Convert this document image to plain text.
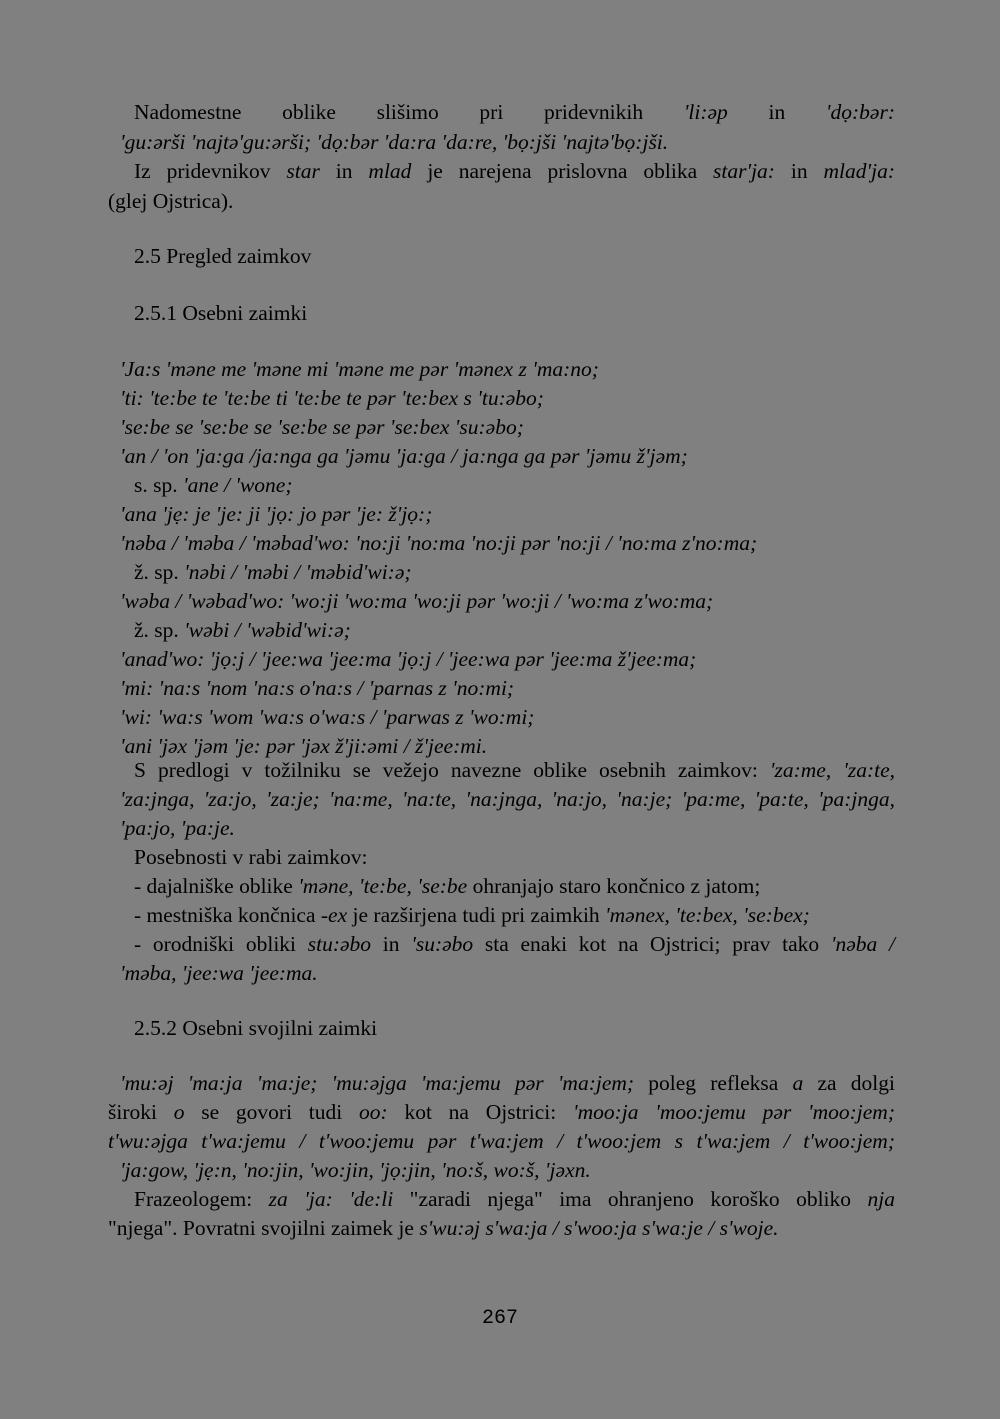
Nadomestne oblike slišimo pri pridevnikih 'li:əp in 'dọ:bər:

'gu:ərši 'najtə'gu:ərši; 'dọ:bər 'da:ra 'da:re, 'bọ:jši 'najtə'bọ:jši.

Iz pridevnikov star in mlad je narejena prislovna oblika star'ja: in mlad'ja:

(glej Ojstrica).

2.5 Pregled zaimkov
2.5.1 Osebni zaimki

'Ja:s 'məne me 'məne mi 'məne me pər 'mənex z 'ma:no;

'ti: 'te:be te 'te:be ti 'te:be te pər 'te:bex s 'tu:əbo;

'se:be se 'se:be se 'se:be se pər 'se:bex 'su:əbo;

'an / 'on 'ja:ga /ja:nga ga 'jəmu 'ja:ga / ja:nga ga pər 'jəmu ž'jəm;

s. sp. 'ane / 'wone;

'ana 'jẹ: je 'je: ji 'jọ: jo pər 'je: ž'jọ:;

'nəba / 'məba / 'məbad'wo: 'no:ji 'no:ma 'no:ji pər 'no:ji / 'no:ma z'no:ma;

ž. sp. 'nəbi / 'məbi / 'məbid'wi:ə;

'wəba / 'wəbad'wo: 'wo:ji 'wo:ma 'wo:ji pər 'wo:ji / 'wo:ma z'wo:ma;

ž. sp. 'wəbi / 'wəbid'wi:ə;

'anad'wo: 'jọ:j / 'jee:wa 'jee:ma 'jọ:j / 'jee:wa pər 'jee:ma ž'jee:ma;

'mi: 'na:s 'nom 'na:s o'na:s / 'parnas z 'no:mi;

'wi: 'wa:s 'wom 'wa:s o'wa:s / 'parwas z 'wo:mi;

'ani 'jəx 'jəm 'je: pər 'jəx ž'ji:əmi / ž'jee:mi.

S predlogi v tožilniku se vežejo navezne oblike osebnih zaimkov: 'za:me, 'za:te,

'za:jnga, 'za:jo, 'za:je; 'na:me, 'na:te, 'na:jnga, 'na:jo, 'na:je; 'pa:me, 'pa:te, 'pa:jnga,

'pa:jo, 'pa:je.

Posebnosti v rabi zaimkov:

- dajalniške oblike 'məne, 'te:be, 'se:be ohranjajo staro končnico z jatom;

- mestniška končnica -ex je razširjena tudi pri zaimkih 'mənex, 'te:bex, 'se:bex;

- orodniški obliki stu:əbo in 'su:əbo sta enaki kot na Ojstrici; prav tako 'nəba /

'məba, 'jee:wa 'jee:ma.

2.5.2 Osebni svojilni zaimki

'mu:əj 'ma:ja 'ma:je; 'mu:əjga 'ma:jemu pər 'ma:jem; poleg refleksa a za dolgi

široki o se govori tudi oo: kot na Ojstrici: 'moo:ja 'moo:jemu pər 'moo:jem;

t'wu:əjga t'wa:jemu / t'woo:jemu pər t'wa:jem / t'woo:jem s t'wa:jem / t'woo:jem;

'ja:gow, 'jẹ:n, 'no:jin, 'wo:jin, 'jọ:jin, 'no:š, wo:š, 'jəxn.

Frazeologem: za 'ja: 'de:li "zaradi njega" ima ohranjeno koroško obliko nja

"njega". Povratni svojilni zaimek je s'wu:əj s'wa:ja / s'woo:ja s'wa:je / s'woje.

267
